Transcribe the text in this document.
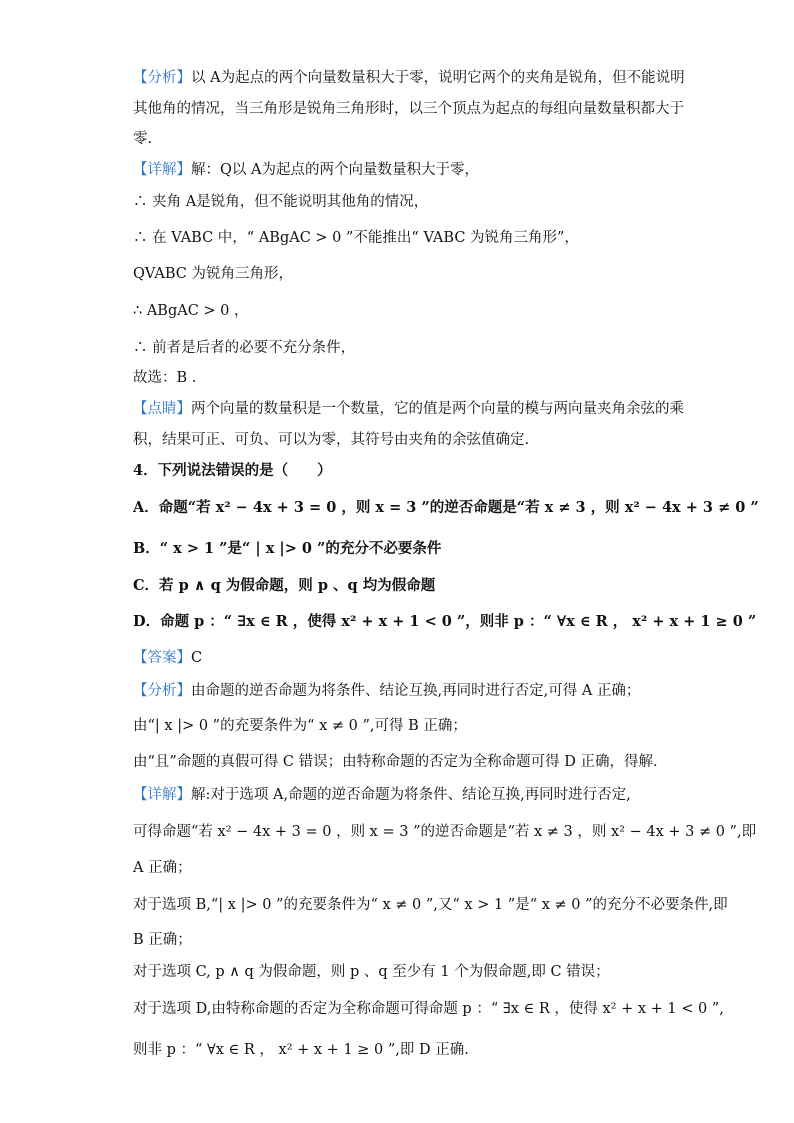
【分析】以 A为起点的两个向量数量积大于零，说明它两个的夹角是锐角，但不能说明
其他角的情况，当三角形是锐角三角形时，以三个顶点为起点的每组向量数量积都大于
零.
【详解】解：Q以 A为起点的两个向量数量积大于零，
∴ 夹角 A是锐角，但不能说明其他角的情况，
∴ 在 VABC 中，“ ABgAC > 0 ”不能推出“ VABC 为锐角三角形”，
QVABC 为锐角三角形，
∴ ABgAC > 0 ，
∴ 前者是后者的必要不充分条件，
故选：B .
【点睛】两个向量的数量积是一个数量，它的值是两个向量的模与两向量夹角余弦的乘
积，结果可正、可负、可以为零，其符号由夹角的余弦值确定.
4．下列说法错误的是（　　）
A．命题“若 x² − 4x + 3 = 0 ，则 x = 3 ”的逆否命题是“若 x ≠ 3 ，则 x² − 4x + 3 ≠ 0 ”
B．“ x > 1 ”是“ | x |> 0 ”的充分不必要条件
C．若 p ∧ q 为假命题，则 p 、q 均为假命题
D．命题 p ：“ ∃x ∈ R ，使得 x² + x + 1 < 0 ”，则非 p ：“ ∀x ∈ R ， x² + x + 1 ≥ 0 ”
【答案】C
【分析】由命题的逆否命题为将条件、结论互换,再同时进行否定,可得 A 正确；
由“| x |> 0 ”的充要条件为“ x ≠ 0 ”,可得 B 正确；
由“且”命题的真假可得 C 错误；由特称命题的否定为全称命题可得 D 正确，得解.
【详解】解:对于选项 A,命题的逆否命题为将条件、结论互换,再同时进行否定,
可得命题“若 x² − 4x + 3 = 0 ，则 x = 3 ”的逆否命题是“若 x ≠ 3 ，则 x² − 4x + 3 ≠ 0 ”,即
A 正确；
对于选项 B,“| x |> 0 ”的充要条件为“ x ≠ 0 ”,又“ x > 1 ”是“ x ≠ 0 ”的充分不必要条件,即
B 正确；
对于选项 C, p ∧ q 为假命题，则 p 、q 至少有 1 个为假命题,即 C 错误；
对于选项 D,由特称命题的否定为全称命题可得命题 p ：“ ∃x ∈ R ，使得 x² + x + 1 < 0 ”,
则非 p ：“ ∀x ∈ R ， x² + x + 1 ≥ 0 ”,即 D 正确.
